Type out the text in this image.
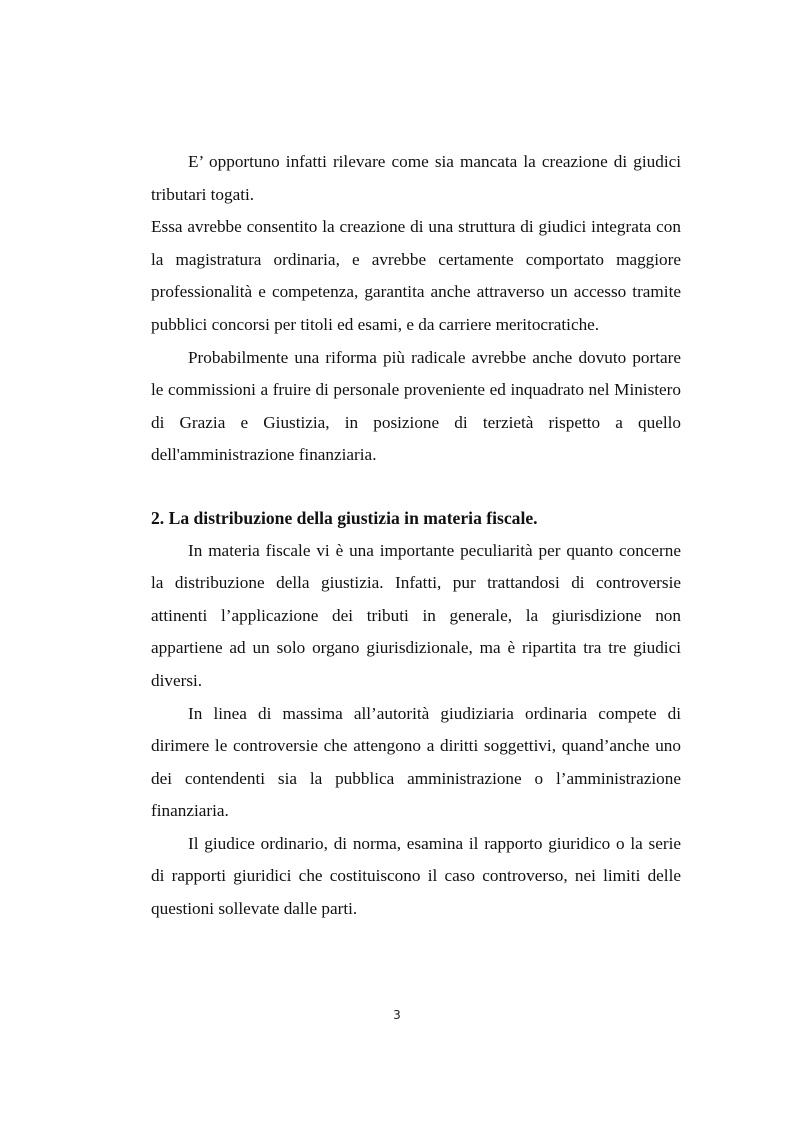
E’ opportuno infatti rilevare come sia mancata la creazione di giudici tributari togati.

Essa avrebbe consentito la creazione di una struttura di giudici integrata con la magistratura ordinaria, e avrebbe certamente comportato maggiore professionalità e competenza, garantita anche attraverso un accesso tramite pubblici concorsi per titoli ed esami, e da carriere meritocratiche.

Probabilmente una riforma più radicale avrebbe anche dovuto portare le commissioni a fruire di personale proveniente ed inquadrato nel Ministero di Grazia e Giustizia, in posizione di terzietà rispetto a quello dell'amministrazione finanziaria.

2. La distribuzione della giustizia in materia fiscale.

In materia fiscale vi è una importante peculiarità per quanto concerne la distribuzione della giustizia. Infatti, pur trattandosi di controversie attinenti l’applicazione dei tributi in generale, la giurisdizione non appartiene ad un solo organo giurisdizionale, ma è ripartita tra tre giudici diversi.

In linea di massima all’autorità giudiziaria ordinaria compete di dirimere le controversie che attengono a diritti soggettivi, quand’anche uno dei contendenti sia la pubblica amministrazione o l’amministrazione finanziaria.

Il giudice ordinario, di norma, esamina il rapporto giuridico o la serie di rapporti giuridici che costituiscono il caso controverso, nei limiti delle questioni sollevate dalle parti.

3
